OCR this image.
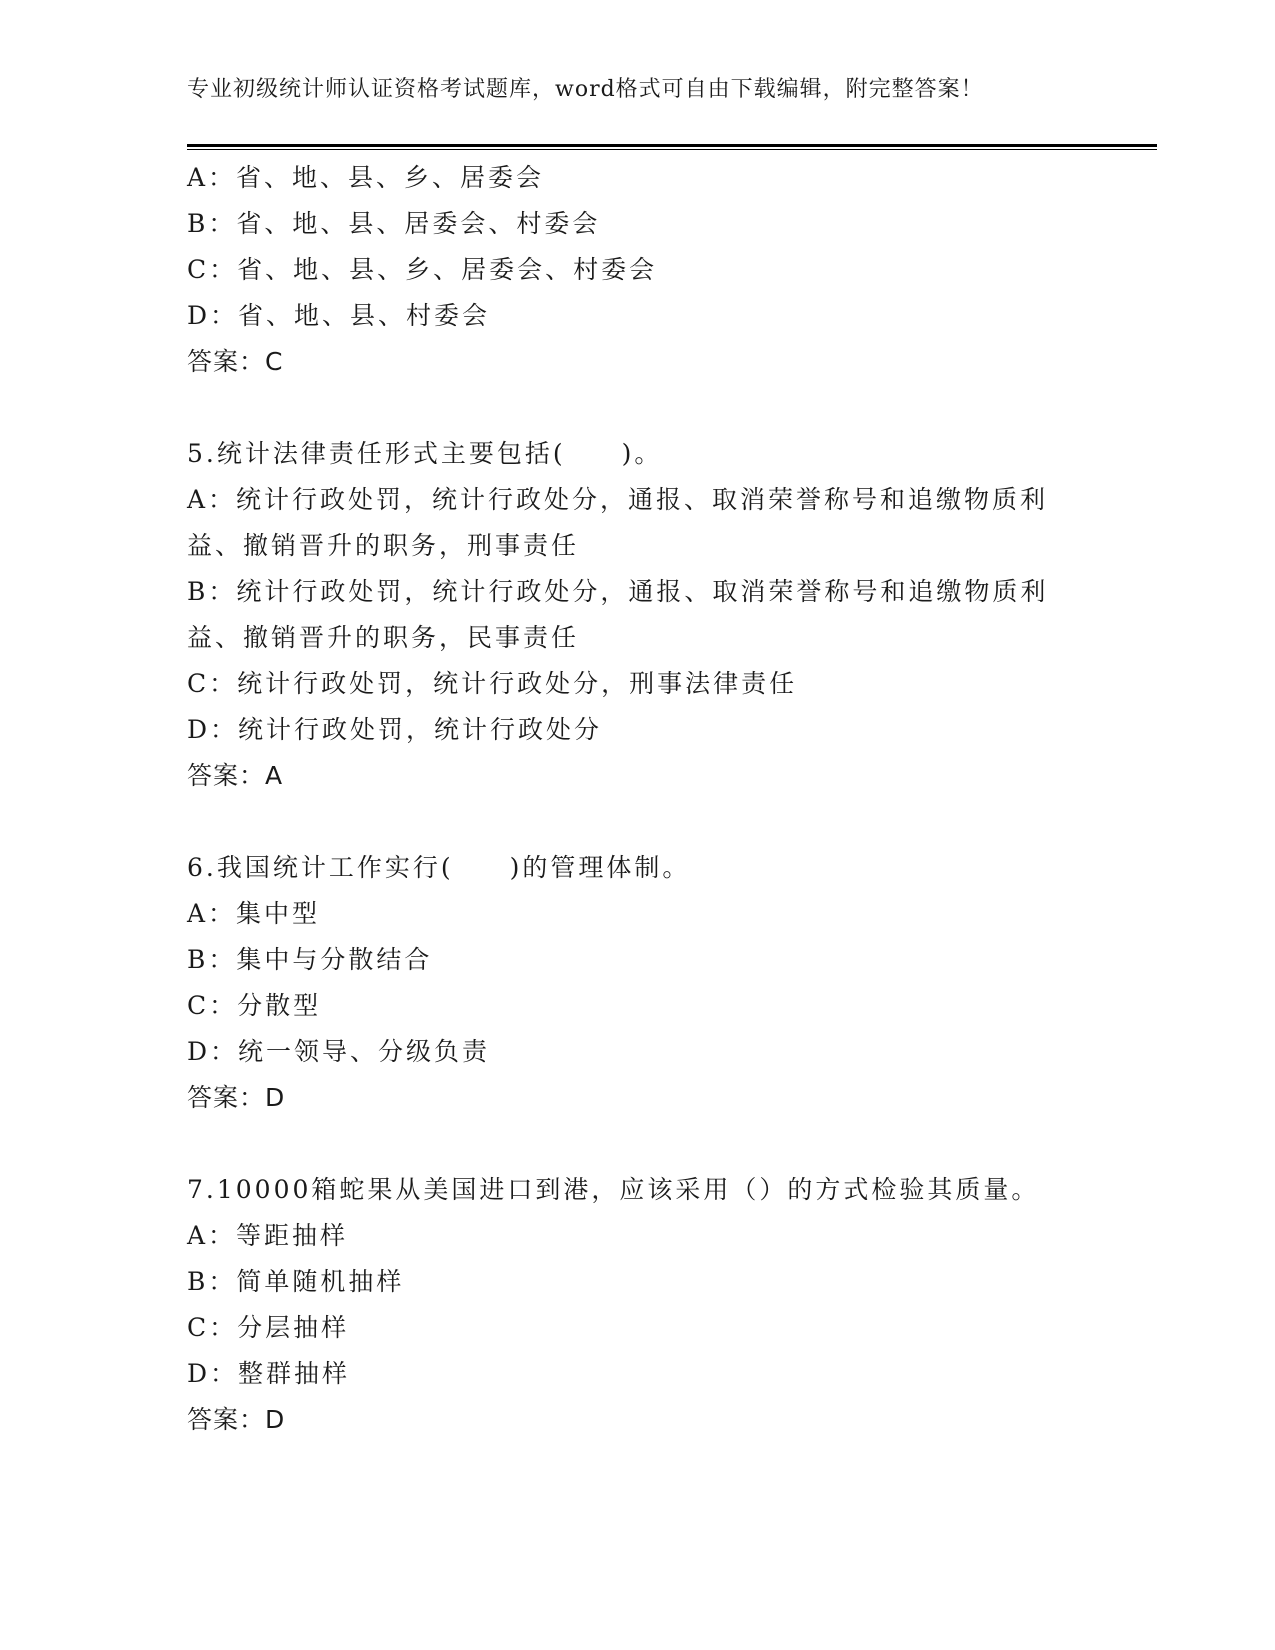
专业初级统计师认证资格考试题库，word格式可自由下载编辑，附完整答案！
A：省、地、县、乡、居委会
B：省、地、县、居委会、村委会
C：省、地、县、乡、居委会、村委会
D：省、地、县、村委会
答案：C
5.统计法律责任形式主要包括(　　)。
A：统计行政处罚，统计行政处分，通报、取消荣誉称号和追缴物质利益、撤销晋升的职务，刑事责任
B：统计行政处罚，统计行政处分，通报、取消荣誉称号和追缴物质利益、撤销晋升的职务，民事责任
C：统计行政处罚，统计行政处分，刑事法律责任
D：统计行政处罚，统计行政处分
答案：A
6.我国统计工作实行(　　)的管理体制。
A：集中型
B：集中与分散结合
C：分散型
D：统一领导、分级负责
答案：D
7.10000箱蛇果从美国进口到港，应该采用（）的方式检验其质量。
A：等距抽样
B：简单随机抽样
C：分层抽样
D：整群抽样
答案：D
